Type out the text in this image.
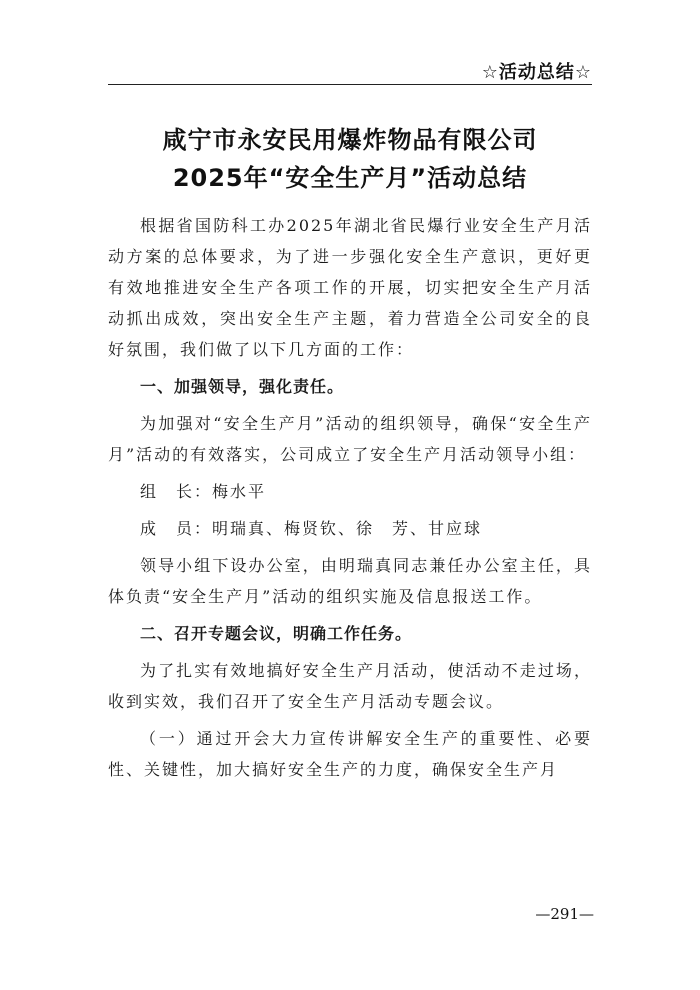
☆活动总结☆
咸宁市永安民用爆炸物品有限公司
2025年“安全生产月”活动总结

根据省国防科工办2025年湖北省民爆行业安全生产月活动方案的总体要求，为了进一步强化安全生产意识，更好更有效地推进安全生产各项工作的开展，切实把安全生产月活动抓出成效，突出安全生产主题，着力营造全公司安全的良好氛围，我们做了以下几方面的工作：

一、加强领导，强化责任。

为加强对“安全生产月”活动的组织领导，确保“安全生产月”活动的有效落实，公司成立了安全生产月活动领导小组：

组　长：梅水平

成　员：明瑞真、梅贤钦、徐　芳、甘应球

领导小组下设办公室，由明瑞真同志兼任办公室主任，具体负责“安全生产月”活动的组织实施及信息报送工作。

二、召开专题会议，明确工作任务。

为了扎实有效地搞好安全生产月活动，使活动不走过场，收到实效，我们召开了安全生产月活动专题会议。

（一）通过开会大力宣传讲解安全生产的重要性、必要性、关键性，加大搞好安全生产的力度，确保安全生产月

—291—
